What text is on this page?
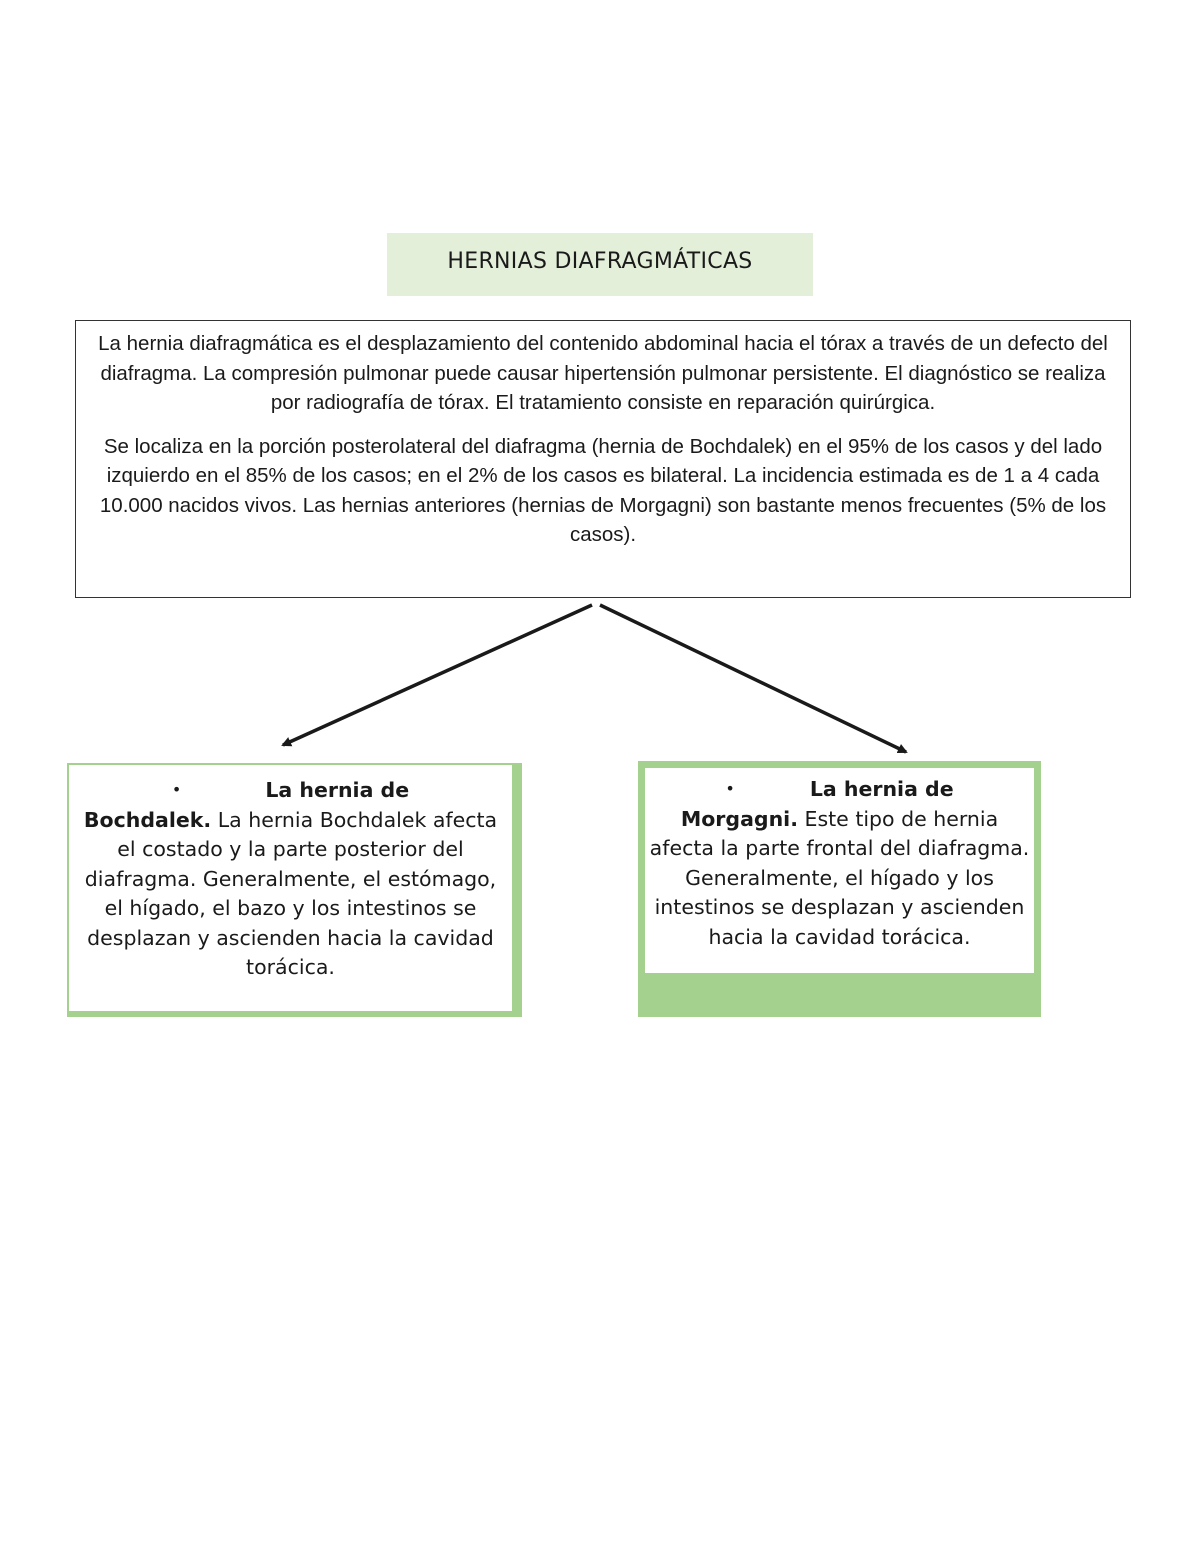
HERNIAS DIAFRAGMÁTICAS

La hernia diafragmática es el desplazamiento del contenido abdominal hacia el tórax a través de un defecto del diafragma. La compresión pulmonar puede causar hipertensión pulmonar persistente. El diagnóstico se realiza por radiografía de tórax. El tratamiento consiste en reparación quirúrgica.

Se localiza en la porción posterolateral del diafragma (hernia de Bochdalek) en el 95% de los casos y del lado izquierdo en el 85% de los casos; en el 2% de los casos es bilateral. La incidencia estimada es de 1 a 4 cada 10.000 nacidos vivos. Las hernias anteriores (hernias de Morgagni) son bastante menos frecuentes (5% de los casos).

•	La hernia de
Bochdalek. La hernia Bochdalek afecta el costado y la parte posterior del diafragma. Generalmente, el estómago, el hígado, el bazo y los intestinos se desplazan y ascienden hacia la cavidad torácica.
•	La hernia de
Morgagni. Este tipo de hernia afecta la parte frontal del diafragma. Generalmente, el hígado y los intestinos se desplazan y ascienden hacia la cavidad torácica.
